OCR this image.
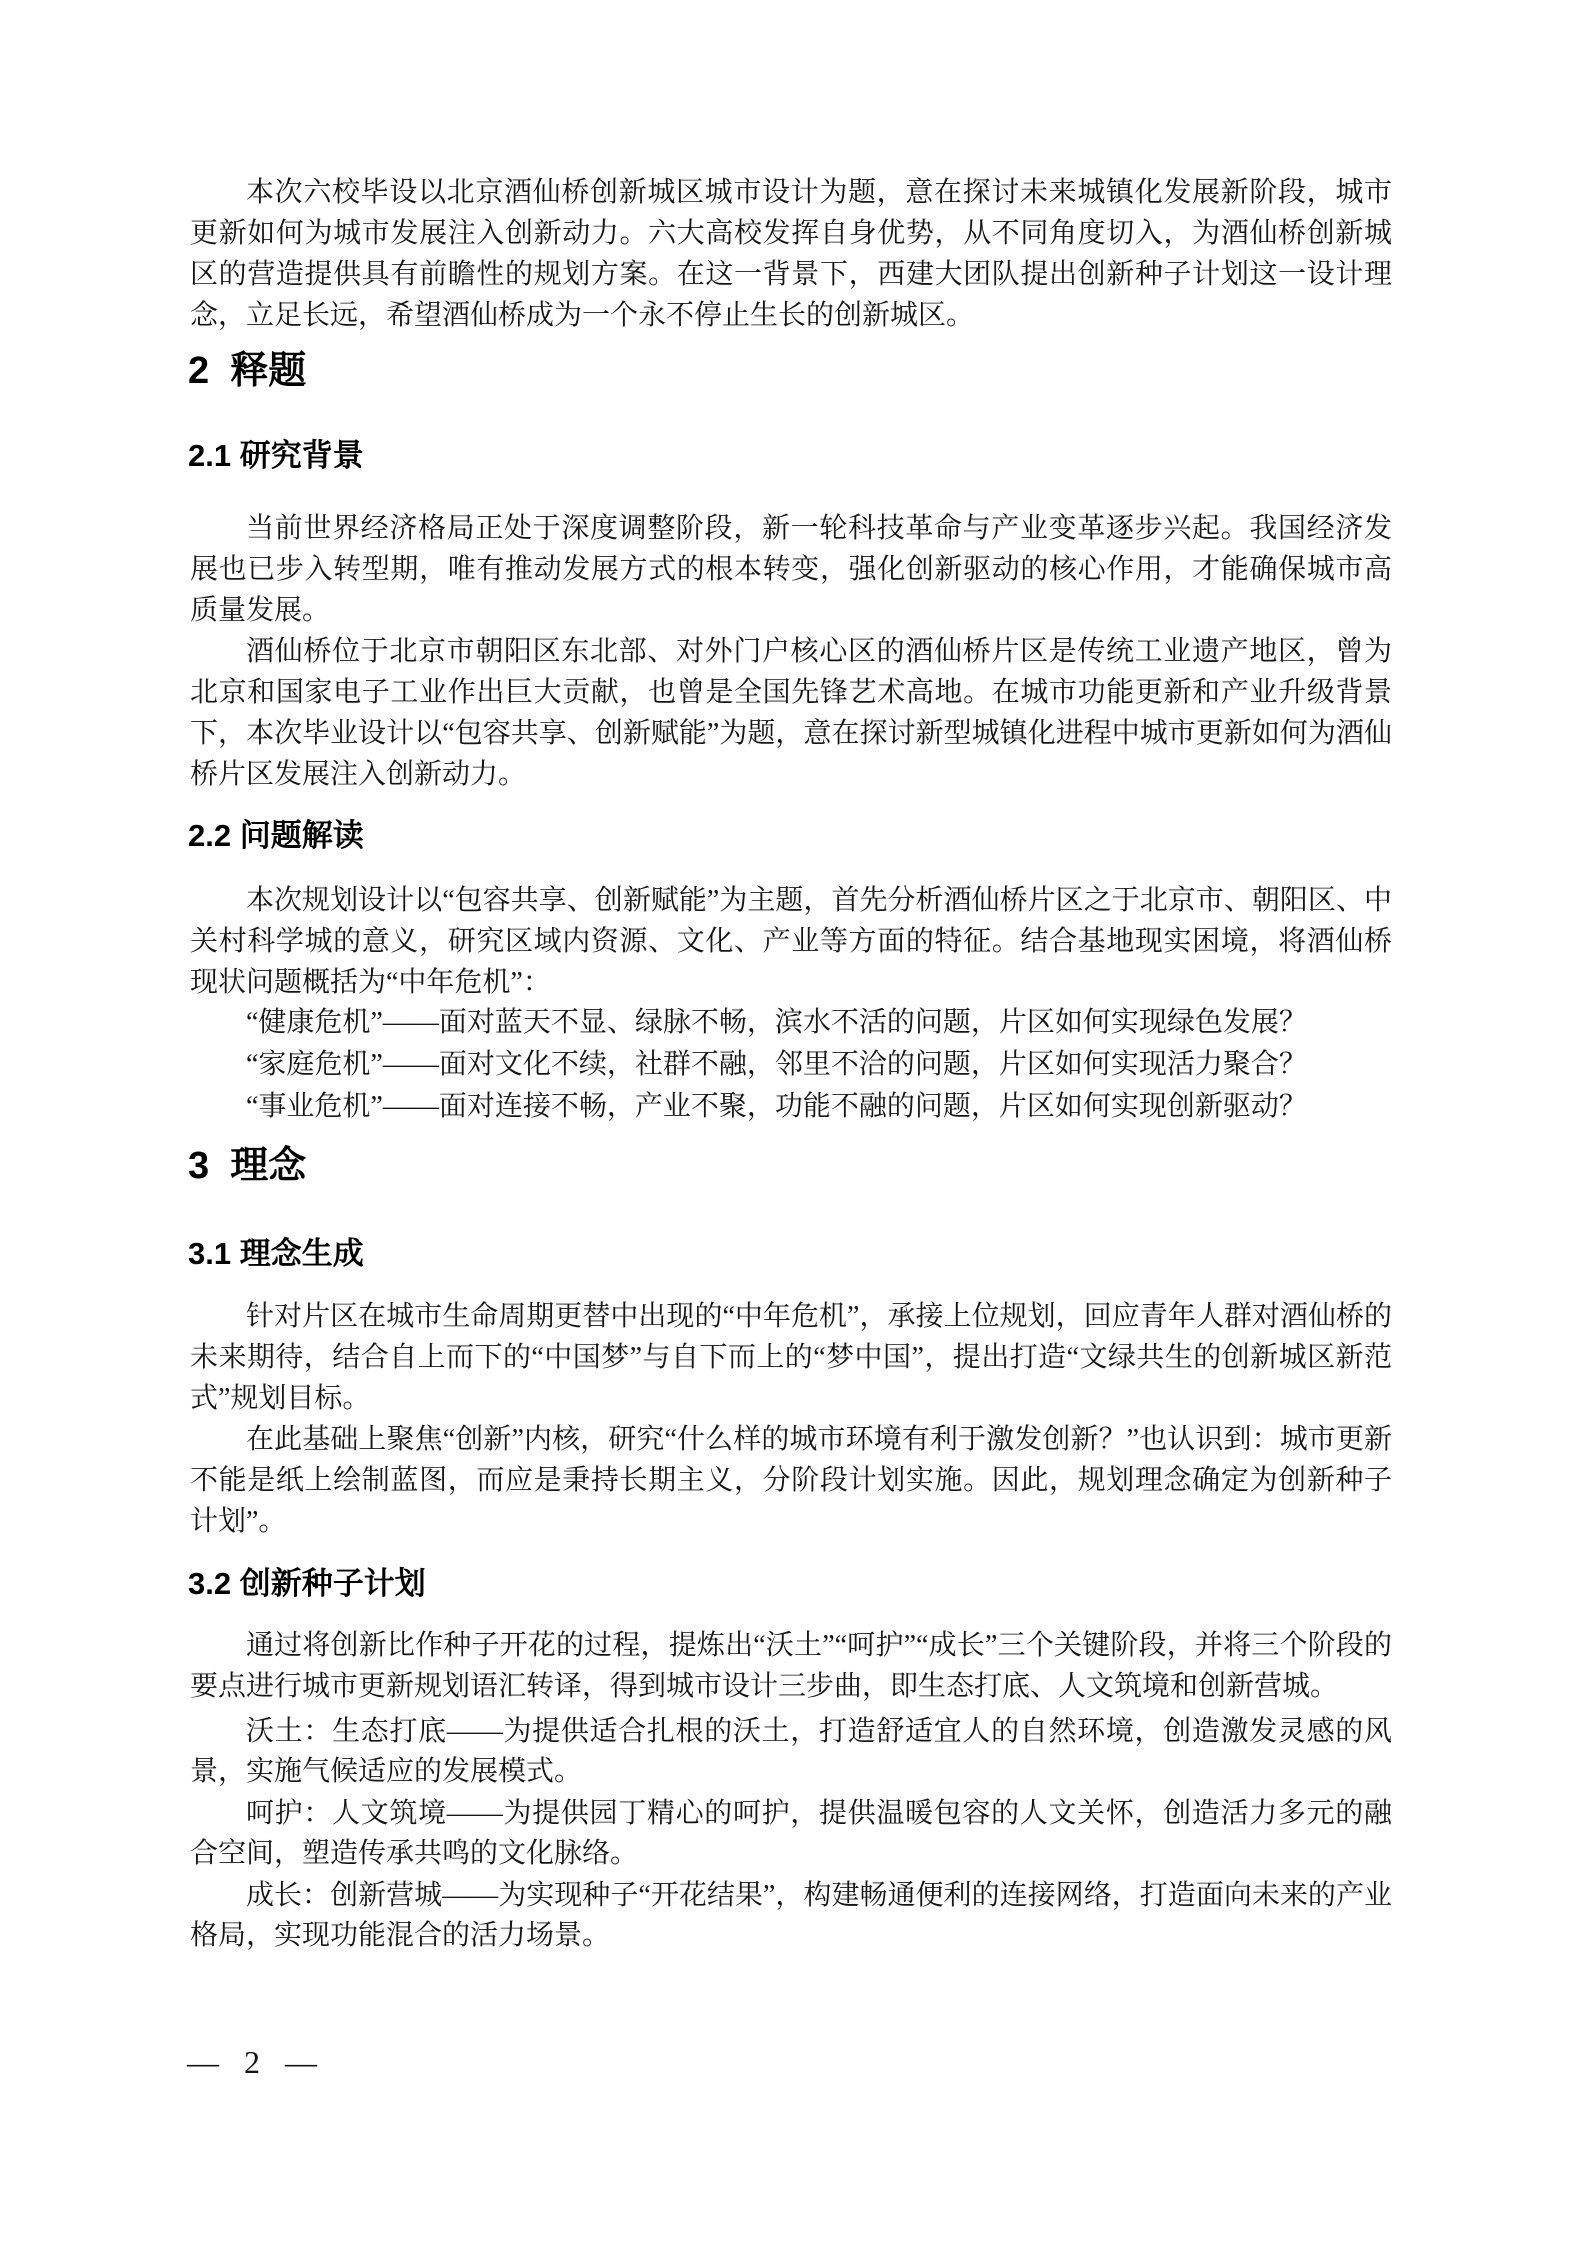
本次六校毕设以北京酒仙桥创新城区城市设计为题，意在探讨未来城镇化发展新阶段，城市更新如何为城市发展注入创新动力。六大高校发挥自身优势，从不同角度切入，为酒仙桥创新城区的营造提供具有前瞻性的规划方案。在这一背景下，西建大团队提出创新种子计划这一设计理念，立足长远，希望酒仙桥成为一个永不停止生长的创新城区。

2  释题
2.1 研究背景

当前世界经济格局正处于深度调整阶段，新一轮科技革命与产业变革逐步兴起。我国经济发展也已步入转型期，唯有推动发展方式的根本转变，强化创新驱动的核心作用，才能确保城市高质量发展。

酒仙桥位于北京市朝阳区东北部、对外门户核心区的酒仙桥片区是传统工业遗产地区，曾为北京和国家电子工业作出巨大贡献，也曾是全国先锋艺术高地。在城市功能更新和产业升级背景下，本次毕业设计以“包容共享、创新赋能”为题，意在探讨新型城镇化进程中城市更新如何为酒仙桥片区发展注入创新动力。

2.2 问题解读

本次规划设计以“包容共享、创新赋能”为主题，首先分析酒仙桥片区之于北京市、朝阳区、中关村科学城的意义，研究区域内资源、文化、产业等方面的特征。结合基地现实困境，将酒仙桥现状问题概括为“中年危机”：

“健康危机”——面对蓝天不显、绿脉不畅，滨水不活的问题，片区如何实现绿色发展？

“家庭危机”——面对文化不续，社群不融，邻里不洽的问题，片区如何实现活力聚合？

“事业危机”——面对连接不畅，产业不聚，功能不融的问题，片区如何实现创新驱动？

3  理念
3.1 理念生成

针对片区在城市生命周期更替中出现的“中年危机”，承接上位规划，回应青年人群对酒仙桥的未来期待，结合自上而下的“中国梦”与自下而上的“梦中国”，提出打造“文绿共生的创新城区新范式”规划目标。

在此基础上聚焦“创新”内核，研究“什么样的城市环境有利于激发创新？”也认识到：城市更新不能是纸上绘制蓝图，而应是秉持长期主义，分阶段计划实施。因此，规划理念确定为创新种子计划”。

3.2 创新种子计划

通过将创新比作种子开花的过程，提炼出“沃土”“呵护”“成长”三个关键阶段，并将三个阶段的要点进行城市更新规划语汇转译，得到城市设计三步曲，即生态打底、人文筑境和创新营城。

沃土：生态打底——为提供适合扎根的沃土，打造舒适宜人的自然环境，创造激发灵感的风景，实施气候适应的发展模式。

呵护：人文筑境——为提供园丁精心的呵护，提供温暖包容的人文关怀，创造活力多元的融合空间，塑造传承共鸣的文化脉络。

成长：创新营城——为实现种子“开花结果”，构建畅通便利的连接网络，打造面向未来的产业格局，实现功能混合的活力场景。

—  2  —
